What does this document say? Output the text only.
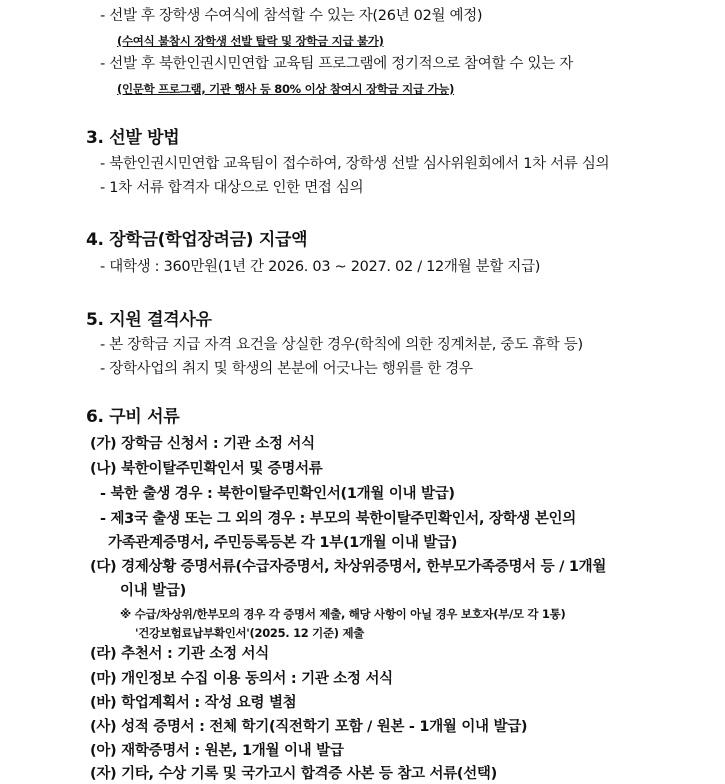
- 선발 후 장학생 수여식에 참석할 수 있는 자(26년 02월 예정)
(수여식 불참시 장학생 선발 탈락 및 장학금 지급 불가)
- 선발 후 북한인권시민연합 교육팀 프로그램에 정기적으로 참여할 수 있는 자
(인문학 프로그램, 기관 행사 등 80% 이상 참여시 장학금 지급 가능)
3. 선발 방법
- 북한인권시민연합 교육팀이 접수하여, 장학생 선발 심사위원회에서 1차 서류 심의
- 1차 서류 합격자 대상으로 인한 면접 심의
4. 장학금(학업장려금) 지급액
- 대학생 : 360만원(1년 간 2026. 03 ~ 2027. 02 / 12개월 분할 지급)
5. 지원 결격사유
- 본 장학금 지급 자격 요건을 상실한 경우(학칙에 의한 징계처분, 중도 휴학 등)
- 장학사업의 취지 및 학생의 본분에 어긋나는 행위를 한 경우
6. 구비 서류
(가) 장학금 신청서 : 기관 소정 서식
(나) 북한이탈주민확인서 및 증명서류
- 북한 출생 경우 : 북한이탈주민확인서(1개월 이내 발급)
- 제3국 출생 또는 그 외의 경우 : 부모의 북한이탈주민확인서, 장학생 본인의
가족관계증명서, 주민등록등본 각 1부(1개월 이내 발급)
(다) 경제상황 증명서류(수급자증명서, 차상위증명서, 한부모가족증명서 등 / 1개월
이내 발급)
※ 수급/차상위/한부모의 경우 각 증명서 제출, 해당 사항이 아닐 경우 보호자(부/모 각 1통)
'건강보험료납부확인서'(2025. 12 기준) 제출
(라) 추천서 : 기관 소정 서식
(마) 개인정보 수집 이용 동의서 : 기관 소정 서식
(바) 학업계획서 : 작성 요령 별첨
(사) 성적 증명서 : 전체 학기(직전학기 포함 / 원본 - 1개월 이내 발급)
(아) 재학증명서 : 원본, 1개월 이내 발급
(자) 기타, 수상 기록 및 국가고시 합격증 사본 등 참고 서류(선택)
